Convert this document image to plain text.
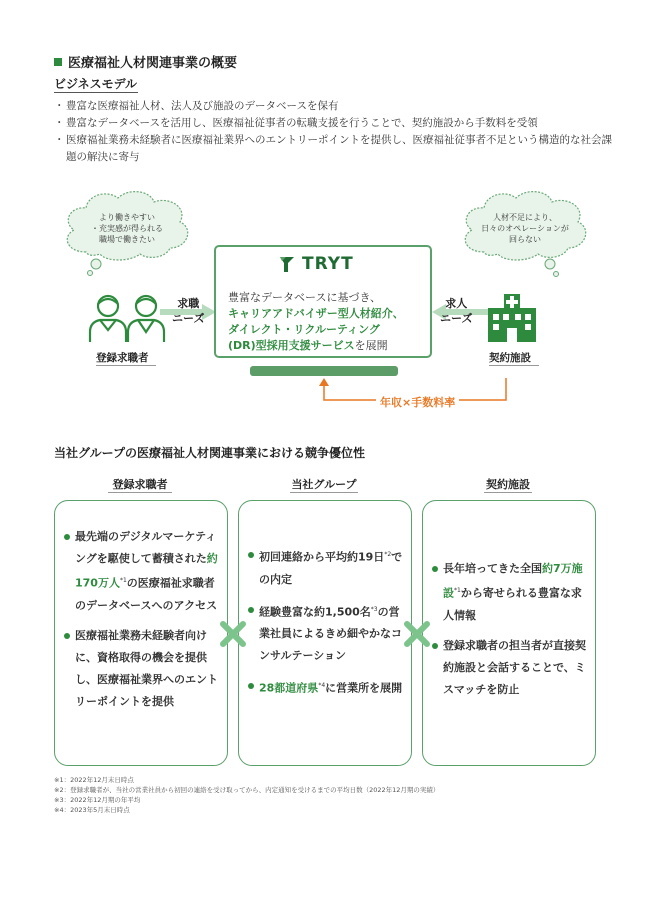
医療福祉人材関連事業の概要
ビジネスモデル
・ 豊富な医療福祉人材、法人及び施設のデータベースを保有
・ 豊富なデータベースを活用し、医療福祉従事者の転職支援を行うことで、契約施設から手数料を受領
・ 医療福祉業務未経験者に医療福祉業界へのエントリーポイントを提供し、医療福祉従事者不足という構造的な社会課題の解決に寄与
より働きやすい
・充実感が得られる
職場で働きたい
人材不足により、
日々のオペレーションが
回らない
登録求職者	契約施設
求職
ニーズ
求人
ニーズ
TRYT
豊富なデータベースに基づき、
キャリアアドバイザー型人材紹介、
ダイレクト・リクルーティング
(DR)型採用支援サービスを展開
年収×手数料率
当社グループの医療福祉人材関連事業における競争優位性
登録求職者	当社グループ	契約施設
最先端のデジタルマーケティングを駆使して蓄積された約170万人$^{*1}$の医療福祉求職者のデータベースへのアクセス
医療福祉業務未経験者向けに、資格取得の機会を提供し、医療福祉業界へのエントリーポイントを提供
初回連絡から平均約19日$^{*2}$での内定
経験豊富な約1,500名$^{*3}$の営業社員によるきめ細やかなコンサルテーション
28都道府県$^{*4}$に営業所を展開
長年培ってきた全国約7万施設$^{*1}$から寄せられる豊富な求人情報
登録求職者の担当者が直接契約施設と会話することで、ミスマッチを防止
※1：2022年12月末日時点
※2：登録求職者が、当社の営業社員から初回の連絡を受け取ってから、内定通知を受けるまでの平均日数（2022年12月期の実績）
※3：2022年12月期の年平均
※4：2023年5月末日時点
